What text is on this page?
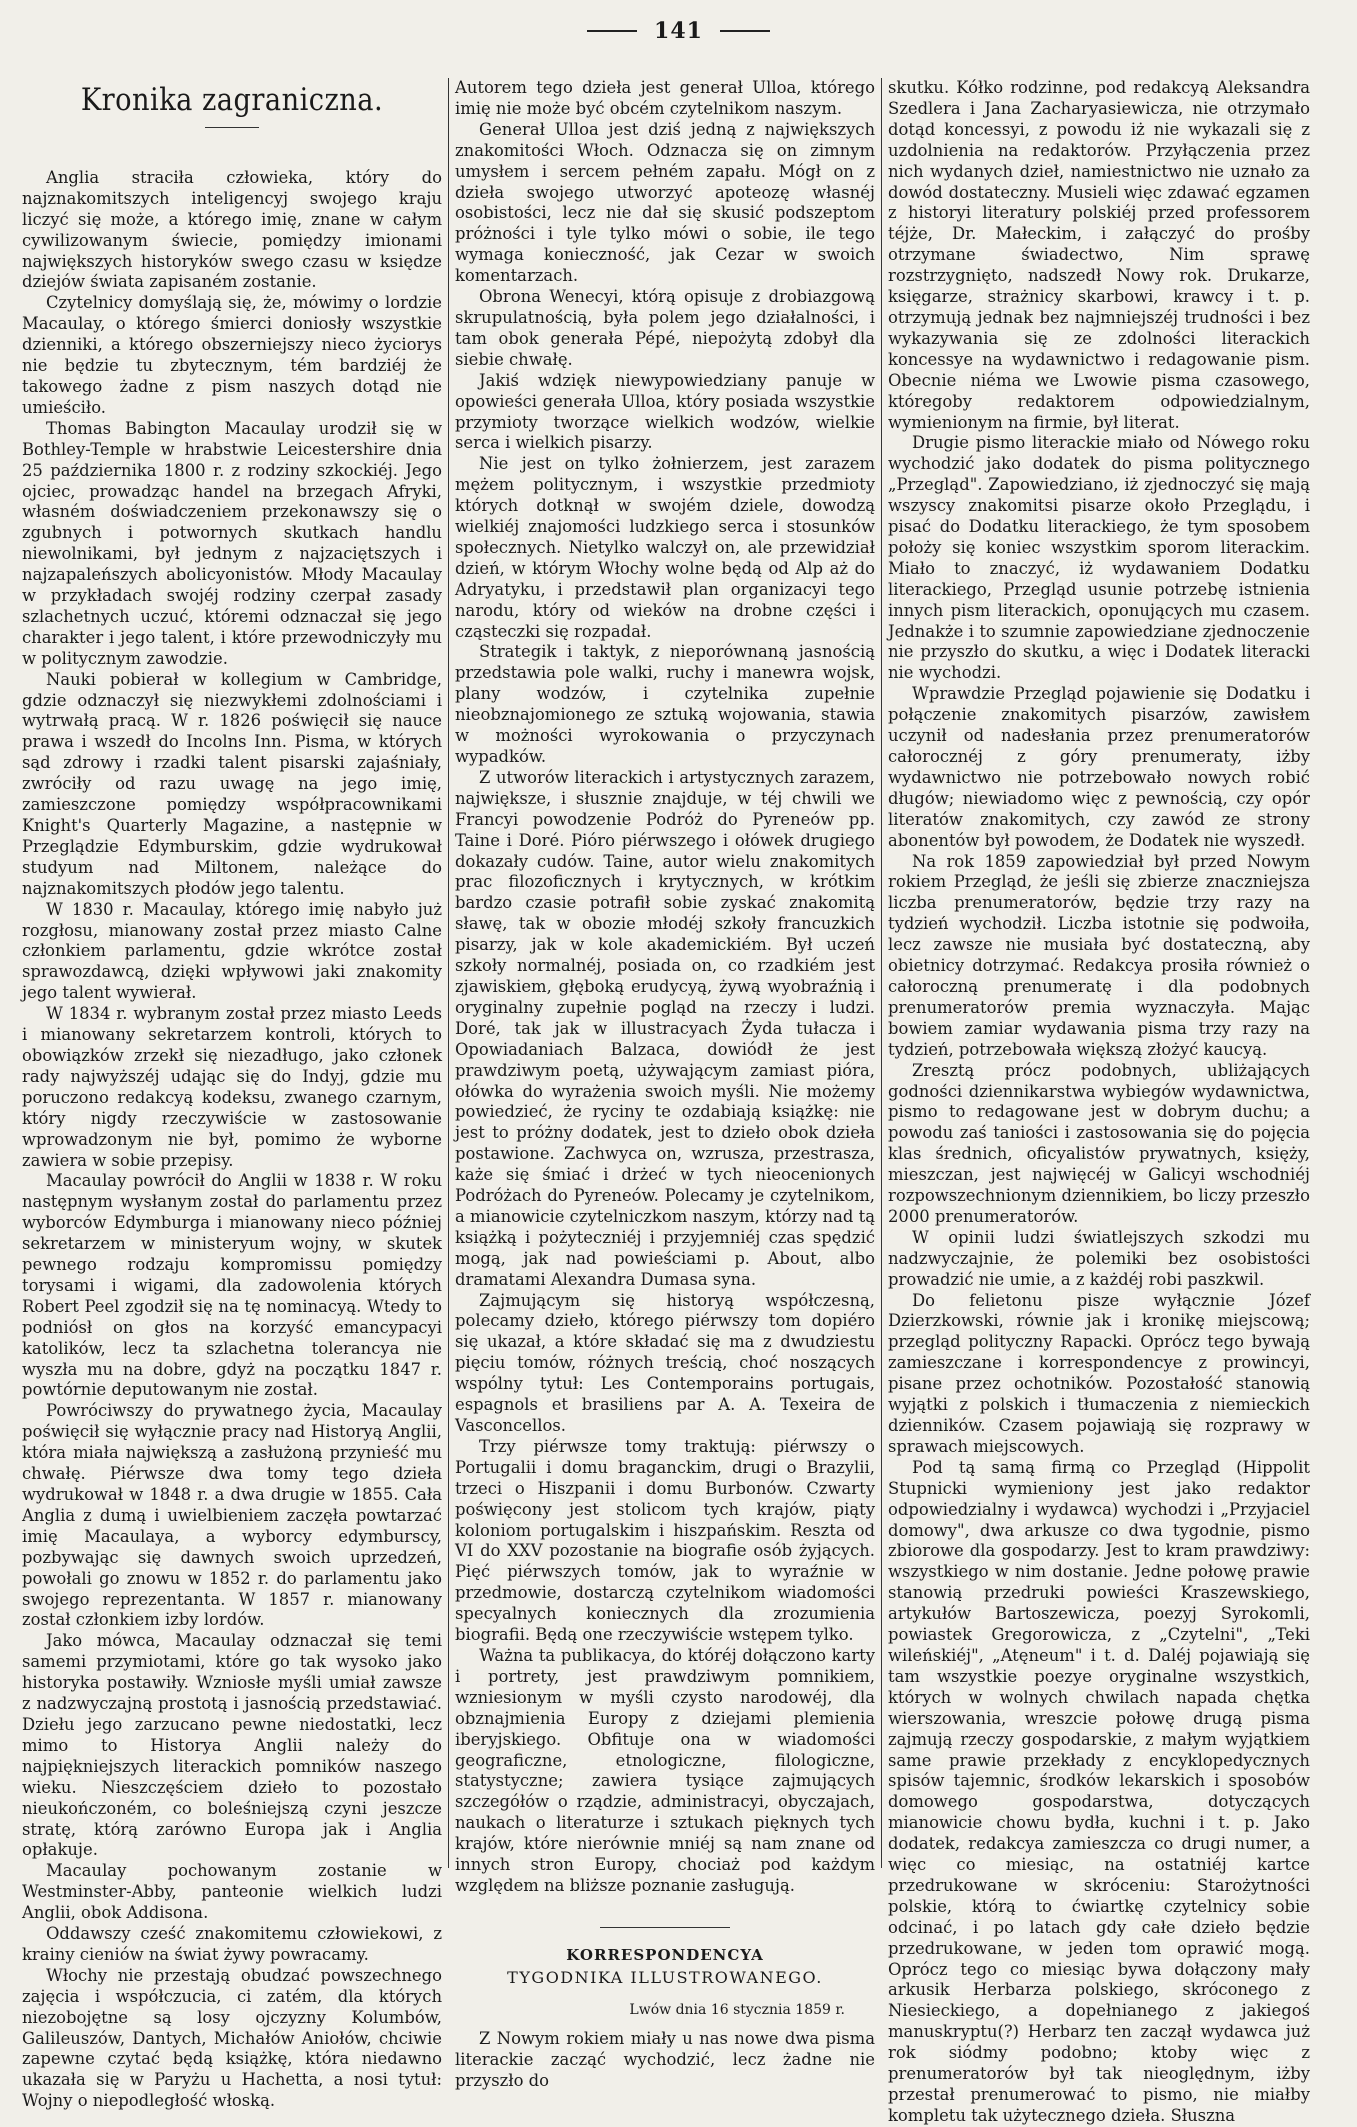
141
Kronika zagraniczna.

Anglia straciła człowieka, który do najznakomitszych inteligencyj swojego kraju liczyć się może, a którego imię, znane w całym cywilizowanym świecie, pomiędzy imionami największych historyków swego czasu w księdze dziejów świata zapisaném zostanie.

Czytelnicy domyślają się, że, mówimy o lordzie Macaulay, o którego śmierci doniosły wszystkie dzienniki, a którego obszerniejszy nieco życiorys nie będzie tu zbytecznym, tém bardziéj że takowego żadne z pism naszych dotąd nie umieściło.

Thomas Babington Macaulay urodził się w Bothley-Temple w hrabstwie Leicestershire dnia 25 października 1800 r. z rodziny szkockiéj. Jego ojciec, prowadząc handel na brzegach Afryki, własném doświadczeniem przekonawszy się o zgubnych i potwornych skutkach handlu niewolnikami, był jednym z najzaciętszych i najzapaleńszych abolicyonistów. Młody Macaulay w przykładach swojéj rodziny czerpał zasady szlachetnych uczuć, któremi odznaczał się jego charakter i jego talent, i które przewodniczyły mu w politycznym zawodzie.

Nauki pobierał w kollegium w Cambridge, gdzie odznaczył się niezwykłemi zdolnościami i wytrwałą pracą. W r. 1826 poświęcił się nauce prawa i wszedł do Incolns Inn. Pisma, w których sąd zdrowy i rzadki talent pisarski zajaśniały, zwróciły od razu uwagę na jego imię, zamieszczone pomiędzy współpracownikami Knight's Quarterly Magazine, a następnie w Przeglądzie Edymburskim, gdzie wydrukował studyum nad Miltonem, należące do najznakomitszych płodów jego talentu.

W 1830 r. Macaulay, którego imię nabyło już rozgłosu, mianowany został przez miasto Calne członkiem parlamentu, gdzie wkrótce został sprawozdawcą, dzięki wpływowi jaki znakomity jego talent wywierał.

W 1834 r. wybranym został przez miasto Leeds i mianowany sekretarzem kontroli, których to obowiązków zrzekł się niezadługo, jako członek rady najwyższéj udając się do Indyj, gdzie mu poruczono redakcyą kodeksu, zwanego czarnym, który nigdy rzeczywiście w zastosowanie wprowadzonym nie był, pomimo że wyborne zawiera w sobie przepisy.

Macaulay powrócił do Anglii w 1838 r. W roku następnym wysłanym został do parlamentu przez wyborców Edymburga i mianowany nieco później sekretarzem w ministeryum wojny, w skutek pewnego rodzaju kompromissu pomiędzy torysami i wigami, dla zadowolenia których Robert Peel zgodził się na tę nominacyą. Wtedy to podniósł on głos na korzyść emancypacyi katolików, lecz ta szlachetna tolerancya nie wyszła mu na dobre, gdyż na początku 1847 r. powtórnie deputowanym nie został.

Powróciwszy do prywatnego życia, Macaulay poświęcił się wyłącznie pracy nad Historyą Anglii, która miała największą a zasłużoną przynieść mu chwałę. Piérwsze dwa tomy tego dzieła wydrukował w 1848 r. a dwa drugie w 1855. Cała Anglia z dumą i uwielbieniem zaczęła powtarzać imię Macaulaya, a wyborcy edymburscy, pozbywając się dawnych swoich uprzedzeń, powołali go znowu w 1852 r. do parlamentu jako swojego reprezentanta. W 1857 r. mianowany został członkiem izby lordów.

Jako mówca, Macaulay odznaczał się temi samemi przymiotami, które go tak wysoko jako historyka postawiły. Wzniosłe myśli umiał zawsze z nadzwyczajną prostotą i jasnością przedstawiać. Dziełu jego zarzucano pewne niedostatki, lecz mimo to Historya Anglii należy do najpiękniejszych literackich pomników naszego wieku. Nieszczęściem dzieło to pozostało nieukończoném, co boleśniejszą czyni jeszcze stratę, którą zarówno Europa jak i Anglia opłakuje.

Macaulay pochowanym zostanie w Westminster-Abby, panteonie wielkich ludzi Anglii, obok Addisona.

Oddawszy cześć znakomitemu człowiekowi, z krainy cieniów na świat żywy powracamy.

Włochy nie przestają obudzać powszechnego zajęcia i współczucia, ci zatém, dla których niezobojętne są losy ojczyzny Kolumbów, Galileuszów, Dantych, Michałów Aniołów, chciwie zapewne czytać będą książkę, która niedawno ukazała się w Paryżu u Hachetta, a nosi tytuł: Wojny o niepodległość włoską.

Autorem tego dzieła jest generał Ulloa, którego imię nie może być obcém czytelnikom naszym.

Generał Ulloa jest dziś jedną z największych znakomitości Włoch. Odznacza się on zimnym umysłem i sercem pełném zapału. Mógł on z dzieła swojego utworzyć apoteozę własnéj osobistości, lecz nie dał się skusić podszeptom próżności i tyle tylko mówi o sobie, ile tego wymaga konieczność, jak Cezar w swoich komentarzach.

Obrona Wenecyi, którą opisuje z drobiazgową skrupulatnością, była polem jego działalności, i tam obok generała Pépé, niepożytą zdobył dla siebie chwałę.

Jakiś wdzięk niewypowiedziany panuje w opowieści generała Ulloa, który posiada wszystkie przymioty tworzące wielkich wodzów, wielkie serca i wielkich pisarzy.

Nie jest on tylko żołnierzem, jest zarazem mężem politycznym, i wszystkie przedmioty których dotknął w swojém dziele, dowodzą wielkiéj znajomości ludzkiego serca i stosunków społecznych. Nietylko walczył on, ale przewidział dzień, w którym Włochy wolne będą od Alp aż do Adryatyku, i przedstawił plan organizacyi tego narodu, który od wieków na drobne części i cząsteczki się rozpadał.

Strategik i taktyk, z nieporównaną jasnością przedstawia pole walki, ruchy i manewra wojsk, plany wodzów, i czytelnika zupełnie nieobznajomionego ze sztuką wojowania, stawia w możności wyrokowania o przyczynach wypadków.

Z utworów literackich i artystycznych zarazem, największe, i słusznie znajduje, w téj chwili we Francyi powodzenie Podróż do Pyreneów pp. Taine i Doré. Pióro piérwszego i ołówek drugiego dokazały cudów. Taine, autor wielu znakomitych prac filozoficznych i krytycznych, w krótkim bardzo czasie potrafił sobie zyskać znakomitą sławę, tak w obozie młodéj szkoły francuzkich pisarzy, jak w kole akademickiém. Był uczeń szkoły normalnéj, posiada on, co rzadkiém jest zjawiskiem, głęboką erudycyą, żywą wyobraźnią i oryginalny zupełnie pogląd na rzeczy i ludzi. Doré, tak jak w illustracyach Żyda tułacza i Opowiadaniach Balzaca, dowiódł że jest prawdziwym poetą, używającym zamiast pióra, ołówka do wyrażenia swoich myśli. Nie możemy powiedzieć, że ryciny te ozdabiają książkę: nie jest to próżny dodatek, jest to dzieło obok dzieła postawione. Zachwyca on, wzrusza, przestrasza, każe się śmiać i drżeć w tych nieocenionych Podróżach do Pyreneów. Polecamy je czytelnikom, a mianowicie czytelniczkom naszym, którzy nad tą książką i pożyteczniéj i przyjemniéj czas spędzić mogą, jak nad powieściami p. About, albo dramatami Alexandra Dumasa syna.

Zajmującym się historyą współczesną, polecamy dzieło, którego piérwszy tom dopiéro się ukazał, a które składać się ma z dwudziestu pięciu tomów, różnych treścią, choć noszących wspólny tytuł: Les Contemporains portugais, espagnols et brasiliens par A. A. Texeira de Vasconcellos.

Trzy piérwsze tomy traktują: piérwszy o Portugalii i domu braganckim, drugi o Brazylii, trzeci o Hiszpanii i domu Burbonów. Czwarty poświęcony jest stolicom tych krajów, piąty koloniom portugalskim i hiszpańskim. Reszta od VI do XXV pozostanie na biografie osób żyjących. Pięć piérwszych tomów, jak to wyraźnie w przedmowie, dostarczą czytelnikom wiadomości specyalnych koniecznych dla zrozumienia biografii. Będą one rzeczywiście wstępem tylko.

Ważna ta publikacya, do któréj dołączono karty i portrety, jest prawdziwym pomnikiem, wzniesionym w myśli czysto narodowéj, dla obznajmienia Europy z dziejami plemienia iberyjskiego. Obfituje ona w wiadomości geograficzne, etnologiczne, filologiczne, statystyczne; zawiera tysiące zajmujących szczegółów o rządzie, administracyi, obyczajach, naukach o literaturze i sztukach pięknych tych krajów, które nierównie mniéj są nam znane od innych stron Europy, chociaż pod każdym względem na bliższe poznanie zasługują.

KORRESPONDENCYA
TYGODNIKA ILLUSTROWANEGO.
Lwów dnia 16 stycznia 1859 r.

Z Nowym rokiem miały u nas nowe dwa pisma literackie zacząć wychodzić, lecz żadne nie przyszło do

skutku. Kółko rodzinne, pod redakcyą Aleksandra Szedlera i Jana Zacharyasiewicza, nie otrzymało dotąd koncessyi, z powodu iż nie wykazali się z uzdolnienia na redaktorów. Przyłączenia przez nich wydanych dzieł, namiestnictwo nie uznało za dowód dostateczny. Musieli więc zdawać egzamen z historyi literatury polskiéj przed professorem téjże, Dr. Małeckim, i załączyć do prośby otrzymane świadectwo, Nim sprawę rozstrzygnięto, nadszedł Nowy rok. Drukarze, księgarze, strażnicy skarbowi, krawcy i t. p. otrzymują jednak bez najmniejszéj trudności i bez wykazywania się ze zdolności literackich koncessye na wydawnictwo i redagowanie pism. Obecnie niéma we Lwowie pisma czasowego, któregoby redaktorem odpowiedzialnym, wymienionym na firmie, był literat.

Drugie pismo literackie miało od Nówego roku wychodzić jako dodatek do pisma politycznego „Przegląd". Zapowiedziano, iż zjednoczyć się mają wszyscy znakomitsi pisarze około Przeglądu, i pisać do Dodatku literackiego, że tym sposobem położy się koniec wszystkim sporom literackim. Miało to znaczyć, iż wydawaniem Dodatku literackiego, Przegląd usunie potrzebę istnienia innych pism literackich, oponujących mu czasem. Jednakże i to szumnie zapowiedziane zjednoczenie nie przyszło do skutku, a więc i Dodatek literacki nie wychodzi.

Wprawdzie Przegląd pojawienie się Dodatku i połączenie znakomitych pisarzów, zawisłem uczynił od nadesłania przez prenumeratorów całorocznéj z góry prenumeraty, iżby wydawnictwo nie potrzebowało nowych robić długów; niewiadomo więc z pewnością, czy opór literatów znakomitych, czy zawód ze strony abonentów był powodem, że Dodatek nie wyszedł.

Na rok 1859 zapowiedział był przed Nowym rokiem Przegląd, że jeśli się zbierze znaczniejsza liczba prenumeratorów, będzie trzy razy na tydzień wychodził. Liczba istotnie się podwoiła, lecz zawsze nie musiała być dostateczną, aby obietnicy dotrzymać. Redakcya prosiła również o całoroczną prenumeratę i dla podobnych prenumeratorów premia wyznaczyła. Mając bowiem zamiar wydawania pisma trzy razy na tydzień, potrzebowała większą złożyć kaucyą.

Zresztą prócz podobnych, ubliżających godności dziennikarstwa wybiegów wydawnictwa, pismo to redagowane jest w dobrym duchu; a powodu zaś taniości i zastosowania się do pojęcia klas średnich, oficyalistów prywatnych, księży, mieszczan, jest najwięcéj w Galicyi wschodniéj rozpowszechnionym dziennikiem, bo liczy przeszło 2000 prenumeratorów.

W opinii ludzi światlejszych szkodzi mu nadzwyczajnie, że polemiki bez osobistości prowadzić nie umie, a z każdéj robi paszkwil.

Do felietonu pisze wyłącznie Józef Dzierzkowski, równie jak i kronikę miejscową; przegląd polityczny Rapacki. Oprócz tego bywają zamieszczane i korrespondencye z prowincyi, pisane przez ochotników. Pozostałość stanowią wyjątki z polskich i tłumaczenia z niemieckich dzienników. Czasem pojawiają się rozprawy w sprawach miejscowych.

Pod tą samą firmą co Przegląd (Hippolit Stupnicki wymieniony jest jako redaktor odpowiedzialny i wydawca) wychodzi i „Przyjaciel domowy", dwa arkusze co dwa tygodnie, pismo zbiorowe dla gospodarzy. Jest to kram prawdziwy: wszystkiego w nim dostanie. Jedne połowę prawie stanowią przedruki powieści Kraszewskiego, artykułów Bartoszewicza, poezyj Syrokomli, powiastek Gregorowicza, z „Czytelni", „Teki wileńskiéj", „Atęneum" i t. d. Daléj pojawiają się tam wszystkie poezye oryginalne wszystkich, których w wolnych chwilach napada chętka wierszowania, wreszcie połowę drugą pisma zajmują rzeczy gospodarskie, z małym wyjątkiem same prawie przekłady z encyklopedycznych spisów tajemnic, środków lekarskich i sposobów domowego gospodarstwa, dotyczących mianowicie chowu bydła, kuchni i t. p. Jako dodatek, redakcya zamieszcza co drugi numer, a więc co miesiąc, na ostatniéj kartce przedrukowane w skróceniu: Starożytności polskie, którą to ćwiartkę czytelnicy sobie odcinać, i po latach gdy całe dzieło będzie przedrukowane, w jeden tom oprawić mogą. Oprócz tego co miesiąc bywa dołączony mały arkusik Herbarza polskiego, skróconego z Niesieckiego, a dopełnianego z jakiegoś manuskryptu(?) Herbarz ten zaczął wydawca już rok siódmy podobno; ktoby więc z prenumeratorów był tak nieoględnym, iżby przestał prenumerować to pismo, nie miałby kompletu tak użytecznego dzieła. Słuszna
